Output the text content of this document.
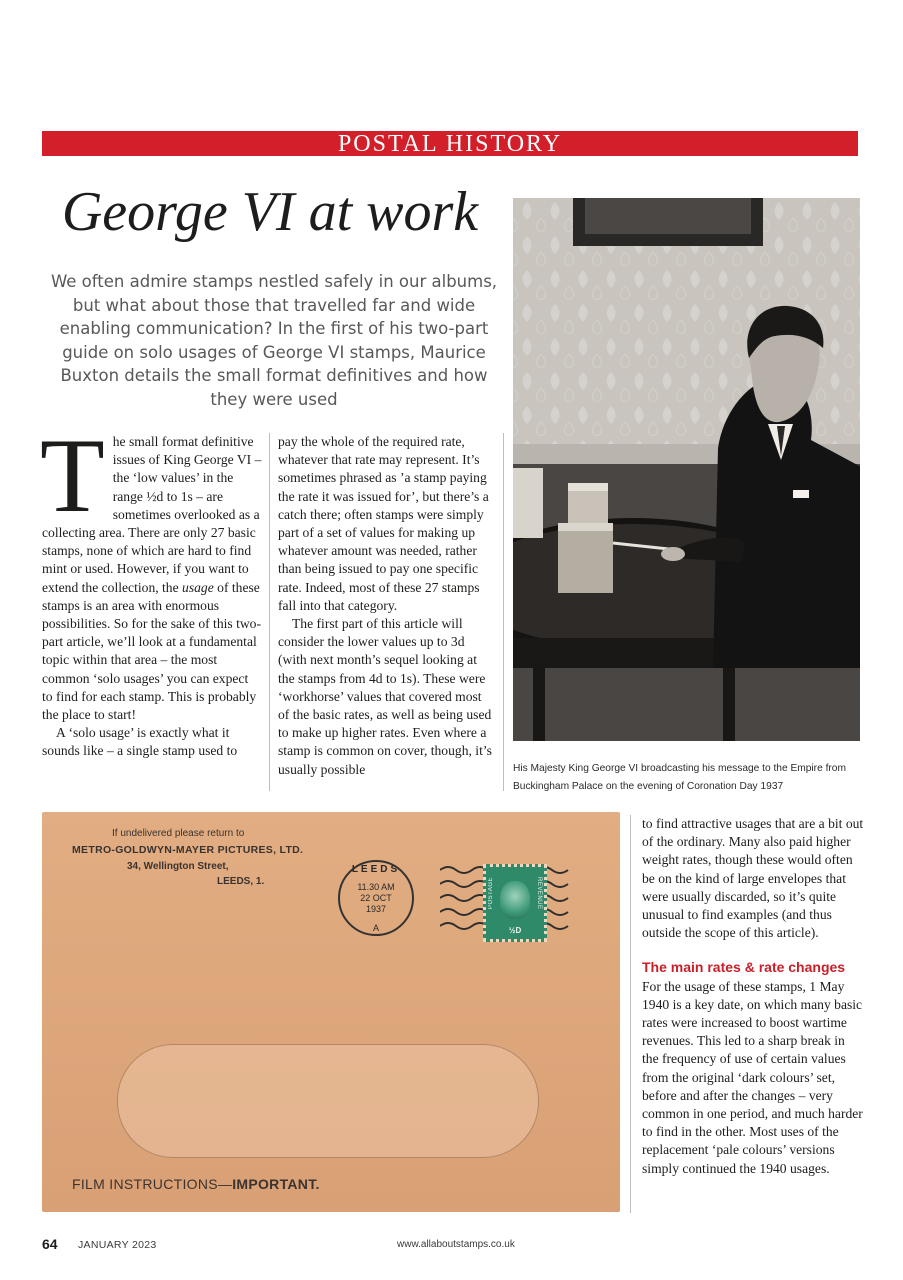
POSTAL HISTORY
George VI at work

We often admire stamps nestled safely in our albums, but what about those that travelled far and wide enabling communication? In the first of his two-part guide on solo usages of George VI stamps, Maurice Buxton details the small format definitives and how they were used

The small format definitive issues of King George VI – the ‘low values’ in the range ½d to 1s – are sometimes overlooked as a collecting area. There are only 27 basic stamps, none of which are hard to find mint or used. However, if you want to extend the collection, the usage of these stamps is an area with enormous possibilities. So for the sake of this two-part article, we’ll look at a fundamental topic within that area – the most common ‘solo usages’ you can expect to find for each stamp. This is probably the place to start!

A ‘solo usage’ is exactly what it sounds like – a single stamp used to

pay the whole of the required rate, whatever that rate may represent. It’s sometimes phrased as ’a stamp paying the rate it was issued for’, but there’s a catch there; often stamps were simply part of a set of values for making up whatever amount was needed, rather than being issued to pay one specific rate. Indeed, most of these 27 stamps fall into that category.

The first part of this article will consider the lower values up to 3d (with next month’s sequel looking at the stamps from 4d to 1s). These were ‘workhorse’ values that covered most of the basic rates, as well as being used to make up higher rates. Even where a stamp is common on cover, though, it’s usually possible	His Majesty King George VI broadcasting his message to the Empire from Buckingham Palace on the evening of Coronation Day 1937

If undelivered please return to
METRO-GOLDWYN-MAYER PICTURES, LTD.
34, Wellington Street,
LEEDS, 1.
LEEDS
11.30 AM
22 OCT
1937
A
POSTAGE	REVENUE
½D
FILM INSTRUCTIONS—IMPORTANT.

to find attractive usages that are a bit out of the ordinary. Many also paid higher weight rates, though these would often be on the kind of large envelopes that were usually discarded, so it’s quite unusual to find examples (and thus outside the scope of this article).

The main rates & rate changes

For the usage of these stamps, 1 May 1940 is a key date, on which many basic rates were increased to boost wartime revenues. This led to a sharp break in the frequency of use of certain values from the original ‘dark colours’ set, before and after the changes – very common in one period, and much harder to find in the other. Most uses of the replacement ‘pale colours’ versions simply continued the 1940 usages.

64 JANUARY 2023	www.allaboutstamps.co.uk
